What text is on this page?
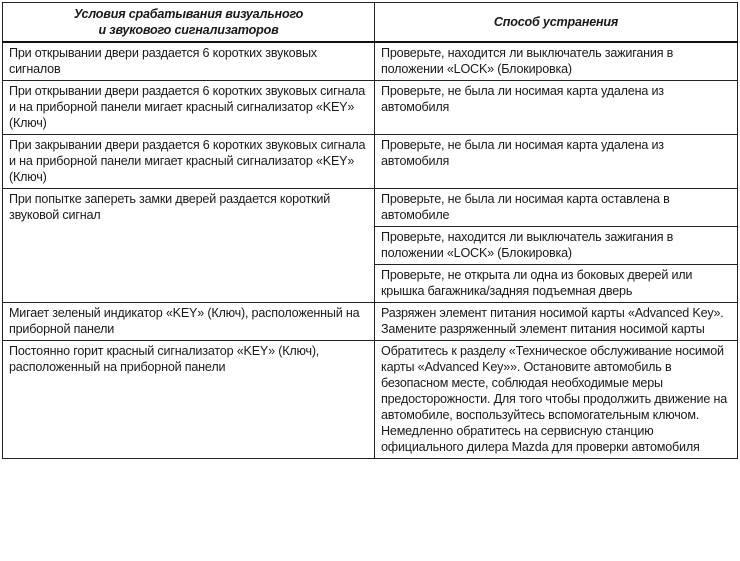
Условия срабатывания визуального
и звукового сигнализаторов	Способ устранения
При открывании двери раздается 6 коротких звуковых сигналов	Проверьте, находится ли выключатель зажигания в положении «LOCK» (Блокировка)
При открывании двери раздается 6 коротких звуковых сигнала и на приборной панели мигает красный сигнализатор «KEY» (Ключ)	Проверьте, не была ли носимая карта удалена из автомобиля
При закрывании двери раздается 6 коротких звуковых сигнала и на приборной панели мигает красный сигнализатор «KEY» (Ключ)	Проверьте, не была ли носимая карта удалена из автомобиля
При попытке запереть замки дверей раздается короткий звуковой сигнал	Проверьте, не была ли носимая карта оставлена в автомобиле
	Проверьте, находится ли выключатель зажигания в положении «LOCK» (Блокировка)
	Проверьте, не открыта ли одна из боковых дверей или крышка багажника/задняя подъемная дверь
Мигает зеленый индикатор «KEY» (Ключ), расположенный на приборной панели	Разряжен элемент питания носимой карты «Advanced Key». Замените разряженный элемент питания носимой карты
Постоянно горит красный сигнализатор «KEY» (Ключ), расположенный на приборной панели	Обратитесь к разделу «Техническое обслуживание носимой карты «Advanced Key»». Остановите автомобиль в безопасном месте, соблюдая необходимые меры предосторожности. Для того чтобы продолжить движение на автомобиле, воспользуйтесь вспомогательным ключом. Немедленно обратитесь на сервисную станцию официального дилера Mazda для проверки автомобиля
